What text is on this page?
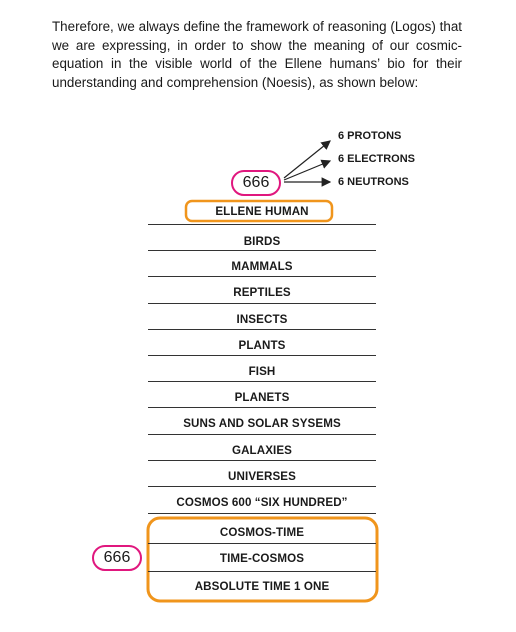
Therefore, we always define the framework of reasoning (Logos) that we are expressing, in order to show the meaning of our cosmic-equation in the visible world of the Ellene humans’ bio for their understanding and comprehension (Noesis), as shown below:
666
666
6 PROTONS
6 ELECTRONS
6 NEUTRONS
ELLENE HUMAN
BIRDS
MAMMALS
REPTILES
INSECTS
PLANTS
FISH
PLANETS
SUNS AND SOLAR SYSEMS
GALAXIES
UNIVERSES
COSMOS 600 “SIX HUNDRED”
COSMOS-TIME
TIME-COSMOS
ABSOLUTE TIME 1 ONE
